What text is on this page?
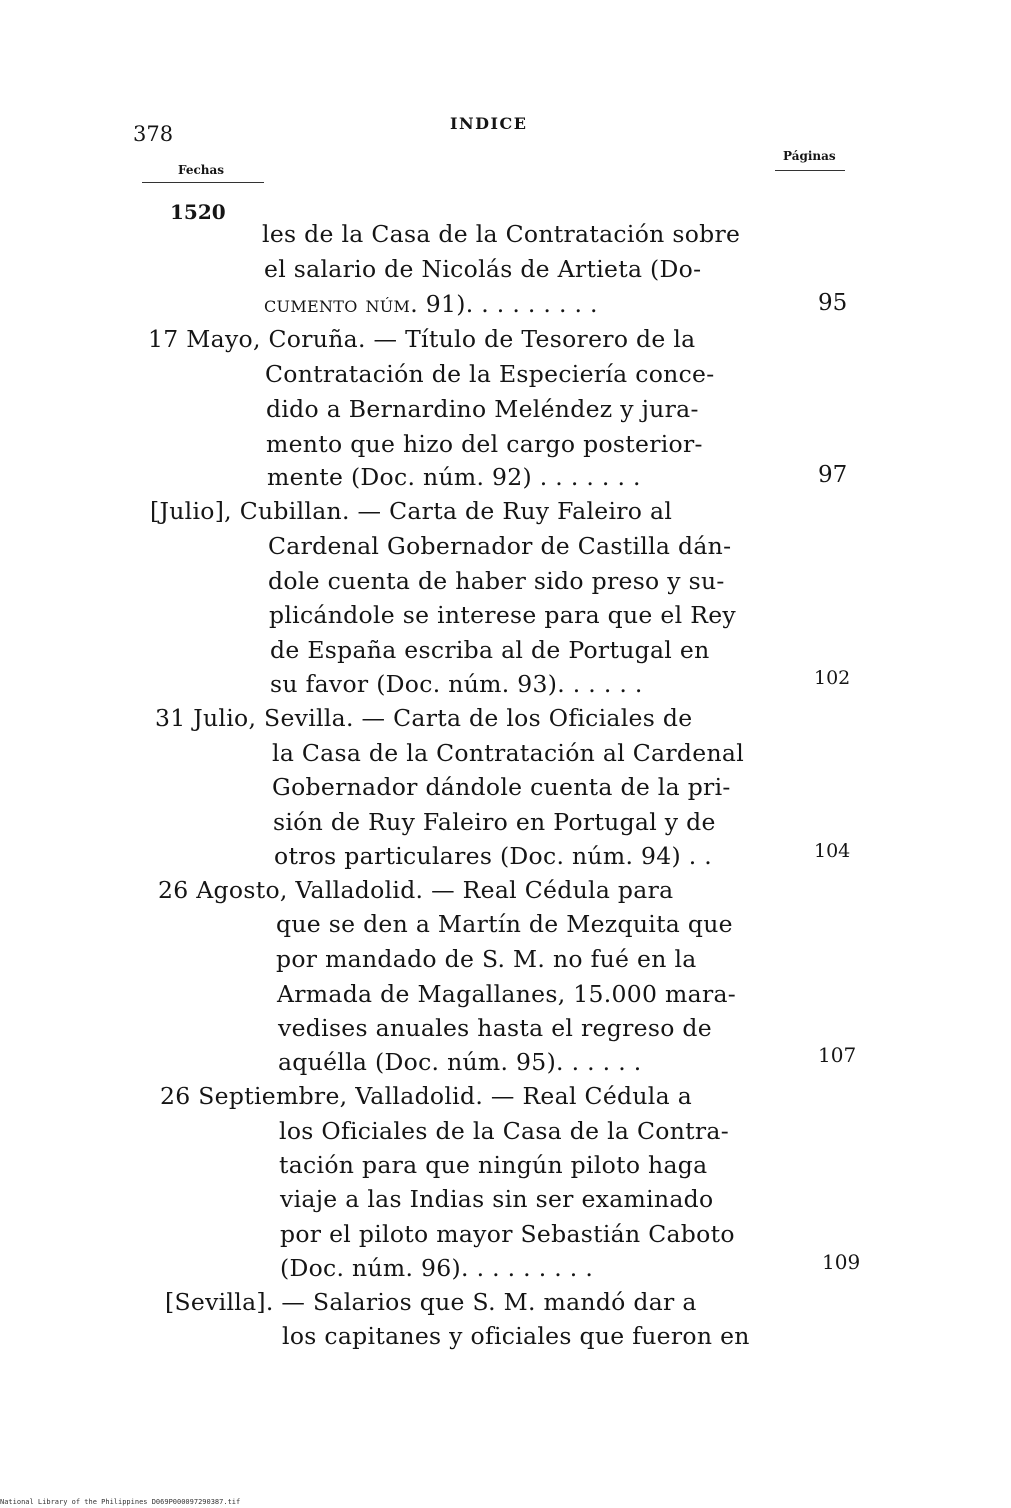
378	INDICE
Fechas
Páginas
1520
les de la Casa de la Contratación sobre
el salario de Nicolás de Artieta (Do-
cumento núm. 91). . . . . . . . .
17 Mayo, Coruña. — Título de Tesorero de la
Contratación de la Especiería conce-
dido a Bernardino Meléndez y jura-
mento que hizo del cargo posterior-
mente (Doc. núm. 92) . . . . . . .
[Julio], Cubillan. — Carta de Ruy Faleiro al
Cardenal Gobernador de Castilla dán-
dole cuenta de haber sido preso y su-
plicándole se interese para que el Rey
de España escriba al de Portugal en
su favor (Doc. núm. 93). . . . . .
31 Julio, Sevilla. — Carta de los Oficiales de
la Casa de la Contratación al Cardenal
Gobernador dándole cuenta de la pri-
sión de Ruy Faleiro en Portugal y de
otros particulares (Doc. núm. 94) . .
26 Agosto, Valladolid. — Real Cédula para
que se den a Martín de Mezquita que
por mandado de S. M. no fué en la
Armada de Magallanes, 15.000 mara-
vedises anuales hasta el regreso de
aquélla (Doc. núm. 95). . . . . .
26 Septiembre, Valladolid. — Real Cédula a
los Oficiales de la Casa de la Contra-
tación para que ningún piloto haga
viaje a las Indias sin ser examinado
por el piloto mayor Sebastián Caboto
(Doc. núm. 96). . . . . . . . .
[Sevilla]. — Salarios que S. M. mandó dar a
los capitanes y oficiales que fueron en
95
97
102
104
107
109
National Library of the Philippines D069P000097290387.tif
